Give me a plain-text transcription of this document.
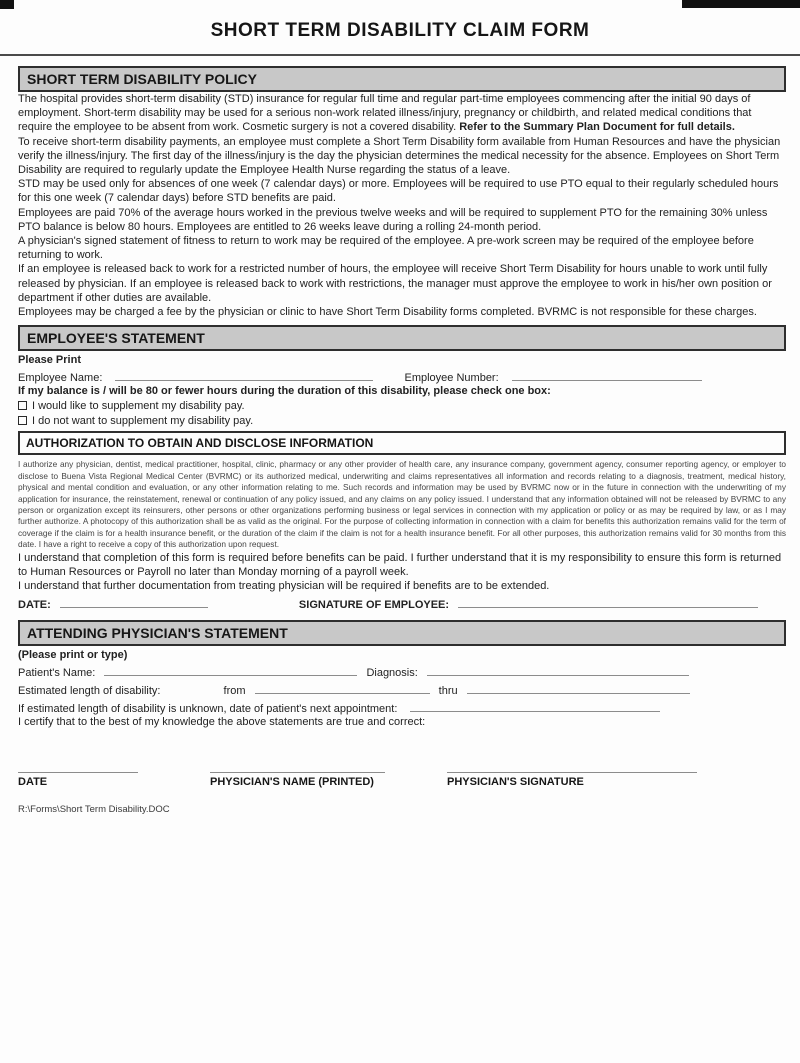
SHORT TERM DISABILITY CLAIM FORM
SHORT TERM DISABILITY POLICY

The hospital provides short-term disability (STD) insurance for regular full time and regular part-time employees commencing after the initial 90 days of employment. Short-term disability may be used for a serious non-work related illness/injury, pregnancy or childbirth, and related medical conditions that require the employee to be absent from work. Cosmetic surgery is not a covered disability. Refer to the Summary Plan Document for full details.

To receive short-term disability payments, an employee must complete a Short Term Disability form available from Human Resources and have the physician verify the illness/injury. The first day of the illness/injury is the day the physician determines the medical necessity for the absence. Employees on Short Term Disability are required to regularly update the Employee Health Nurse regarding the status of a leave.

STD may be used only for absences of one week (7 calendar days) or more. Employees will be required to use PTO equal to their regularly scheduled hours for this one week (7 calendar days) before STD benefits are paid.

Employees are paid 70% of the average hours worked in the previous twelve weeks and will be required to supplement PTO for the remaining 30% unless PTO balance is below 80 hours. Employees are entitled to 26 weeks leave during a rolling 24-month period.

A physician's signed statement of fitness to return to work may be required of the employee. A pre-work screen may be required of the employee before returning to work.

If an employee is released back to work for a restricted number of hours, the employee will receive Short Term Disability for hours unable to work until fully released by physician. If an employee is released back to work with restrictions, the manager must approve the employee to work in his/her own position or department if other duties are available.

Employees may be charged a fee by the physician or clinic to have Short Term Disability forms completed. BVRMC is not responsible for these charges.

EMPLOYEE'S STATEMENT
Please Print
Employee Name:	Employee Number:

If my balance is / will be 80 or fewer hours during the duration of this disability, please check one box:

I would like to supplement my disability pay.
I do not want to supplement my disability pay.
AUTHORIZATION TO OBTAIN AND DISCLOSE INFORMATION

I authorize any physician, dentist, medical practitioner, hospital, clinic, pharmacy or any other provider of health care, any insurance company, government agency, consumer reporting agency, or employer to disclose to Buena Vista Regional Medical Center (BVRMC) or its authorized medical, underwriting and claims representatives all information and records relating to a diagnosis, treatment, medical history, physical and mental condition and evaluation, or any other information relating to me. Such records and information may be used by BVRMC now or in the future in connection with the underwriting of my application for insurance, the reinstatement, renewal or continuation of any policy issued, and any claims on any policy issued. I understand that any information obtained will not be released by BVRMC to any person or organization except its reinsurers, other persons or other organizations performing business or legal services in connection with my application or policy or as may be required by law, or as I may further authorize. A photocopy of this authorization shall be as valid as the original. For the purpose of collecting information in connection with a claim for benefits this authorization remains valid for the term of coverage if the claim is for a health insurance benefit, or the duration of the claim if the claim is not for a health insurance benefit. For all other purposes, this authorization remains valid for 30 months from this date. I have a right to receive a copy of this authorization upon request.

I understand that completion of this form is required before benefits can be paid. I further understand that it is my responsibility to ensure this form is returned to Human Resources or Payroll no later than Monday morning of a payroll week.

I understand that further documentation from treating physician will be required if benefits are to be extended.

DATE:	SIGNATURE OF EMPLOYEE:
ATTENDING PHYSICIAN'S STATEMENT
(Please print or type)
Patient's Name:	Diagnosis:
Estimated length of disability:	from	thru
If estimated length of disability is unknown, date of patient's next appointment:

I certify that to the best of my knowledge the above statements are true and correct:

DATE	PHYSICIAN'S NAME (PRINTED)	PHYSICIAN'S SIGNATURE
R:\Forms\Short Term Disability.DOC
